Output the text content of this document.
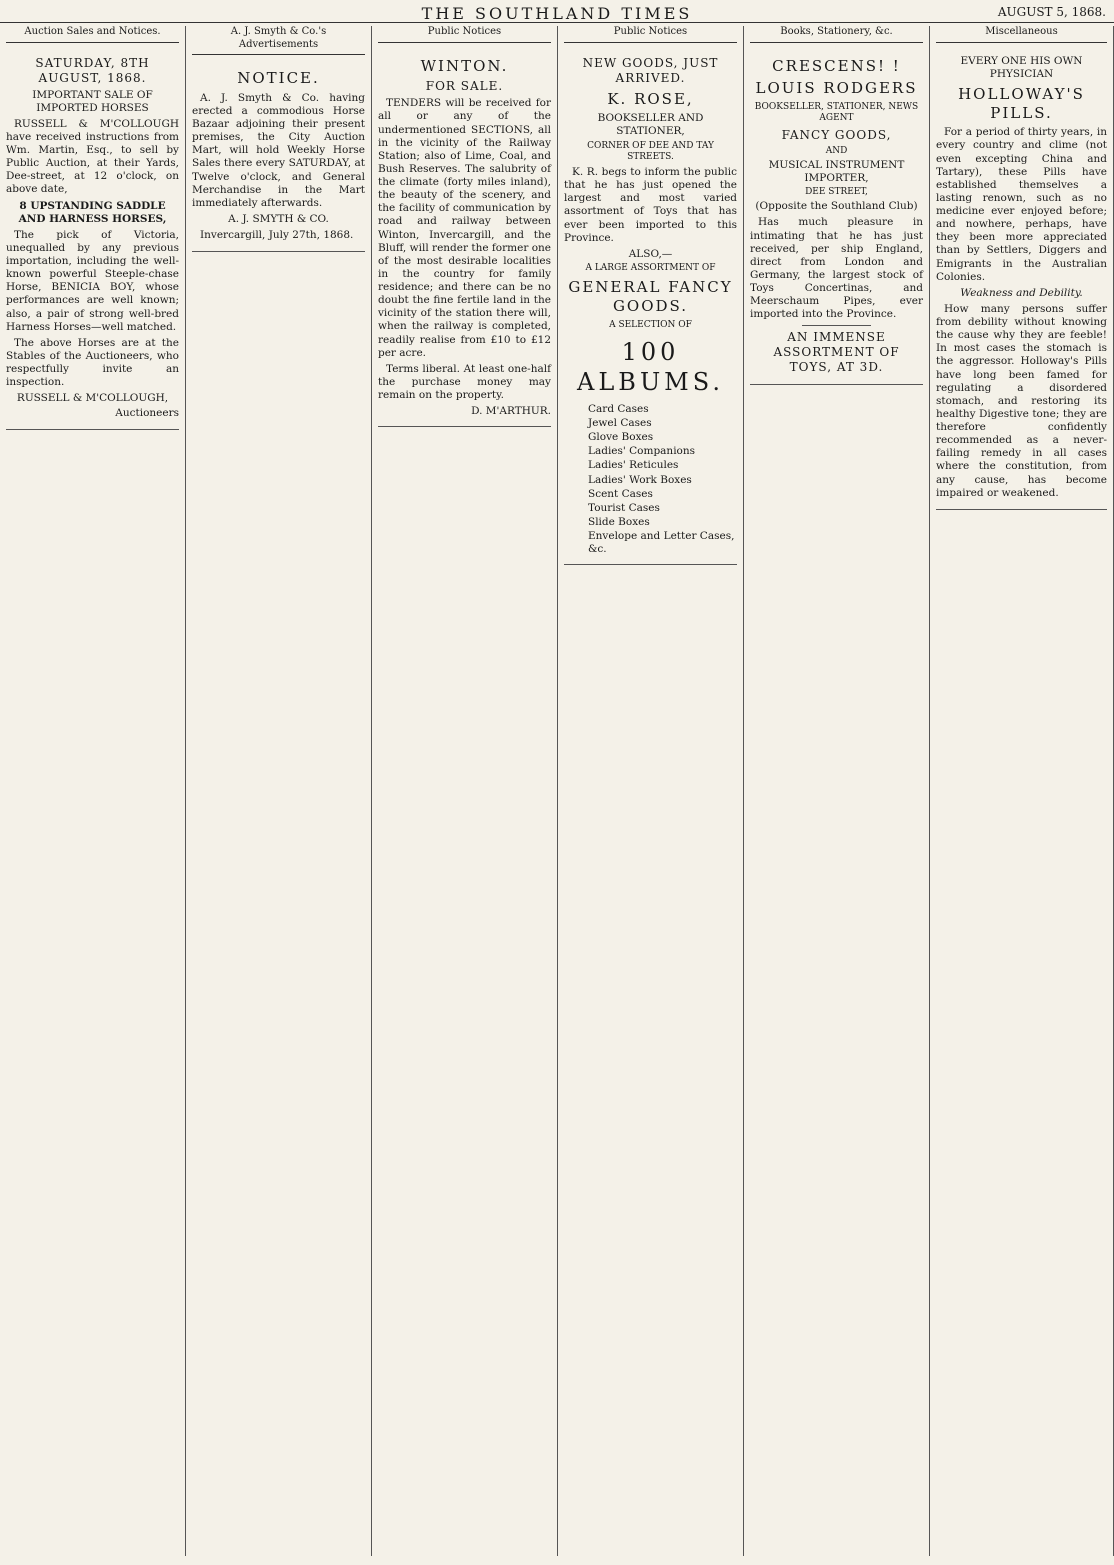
THE SOUTHLAND TIMES	AUGUST 5, 1868.
Auction Sales and Notices.
SATURDAY, 8TH AUGUST, 1868.
IMPORTANT SALE OF IMPORTED HORSES
RUSSELL & M'COLLOUGH have received instructions from Wm. Martin, Esq., to sell by Public Auction, at their Yards, Dee-street, at 12 o'clock, on above date,
8 UPSTANDING SADDLE AND HARNESS HORSES,
The pick of Victoria, unequalled by any previous importation, including the well-known powerful Steeple-chase Horse, BENICIA BOY, whose performances are well known; also, a pair of strong well-bred Harness Horses—well matched.
The above Horses are at the Stables of the Auctioneers, who respectfully invite an inspection.
RUSSELL & M'COLLOUGH,
Auctioneers
A. J. Smyth & Co.'s Advertisements
NOTICE.
A. J. Smyth & Co. having erected a commodious Horse Bazaar adjoining their present premises, the City Auction Mart, will hold Weekly Horse Sales there every SATURDAY, at Twelve o'clock, and General Merchandise in the Mart immediately afterwards.
A. J. SMYTH & CO.
Invercargill, July 27th, 1868.
Public Notices
WINTON.
FOR SALE.
TENDERS will be received for all or any of the undermentioned SECTIONS, all in the vicinity of the Railway Station; also of Lime, Coal, and Bush Reserves. The salubrity of the climate (forty miles inland), the beauty of the scenery, and the facility of communication by road and railway between Winton, Invercargill, and the Bluff, will render the former one of the most desirable localities in the country for family residence; and there can be no doubt the fine fertile land in the vicinity of the station there will, when the railway is completed, readily realise from £10 to £12 per acre.
Terms liberal. At least one-half the purchase money may remain on the property.
D. M'ARTHUR.
Public Notices
NEW GOODS, JUST ARRIVED.
K. ROSE,
BOOKSELLER AND STATIONER,
CORNER OF DEE AND TAY STREETS.
K. R. begs to inform the public that he has just opened the largest and most varied assortment of Toys that has ever been imported to this Province.
ALSO,—
A LARGE ASSORTMENT OF
GENERAL FANCY GOODS.
A SELECTION OF
100 ALBUMS.
Card Cases
Jewel Cases
Glove Boxes
Ladies' Companions
Ladies' Reticules
Ladies' Work Boxes
Scent Cases
Tourist Cases
Slide Boxes
Envelope and Letter Cases, &c.
Books, Stationery, &c.
CRESCENS! !
LOUIS RODGERS
BOOKSELLER, STATIONER, NEWS AGENT
FANCY GOODS,
AND
MUSICAL INSTRUMENT IMPORTER,
DEE STREET,
(Opposite the Southland Club)
Has much pleasure in intimating that he has just received, per ship England, direct from London and Germany, the largest stock of Toys Concertinas, and Meerschaum Pipes, ever imported into the Province.
AN IMMENSE ASSORTMENT OF TOYS, AT 3D.
Miscellaneous
EVERY ONE HIS OWN PHYSICIAN
HOLLOWAY'S PILLS.
For a period of thirty years, in every country and clime (not even excepting China and Tartary), these Pills have established themselves a lasting renown, such as no medicine ever enjoyed before; and nowhere, perhaps, have they been more appreciated than by Settlers, Diggers and Emigrants in the Australian Colonies.
Weakness and Debility.
How many persons suffer from debility without knowing the cause why they are feeble! In most cases the stomach is the aggressor. Holloway's Pills have long been famed for regulating a disordered stomach, and restoring its healthy Digestive tone; they are therefore confidently recommended as a never-failing remedy in all cases where the constitution, from any cause, has become impaired or weakened.
